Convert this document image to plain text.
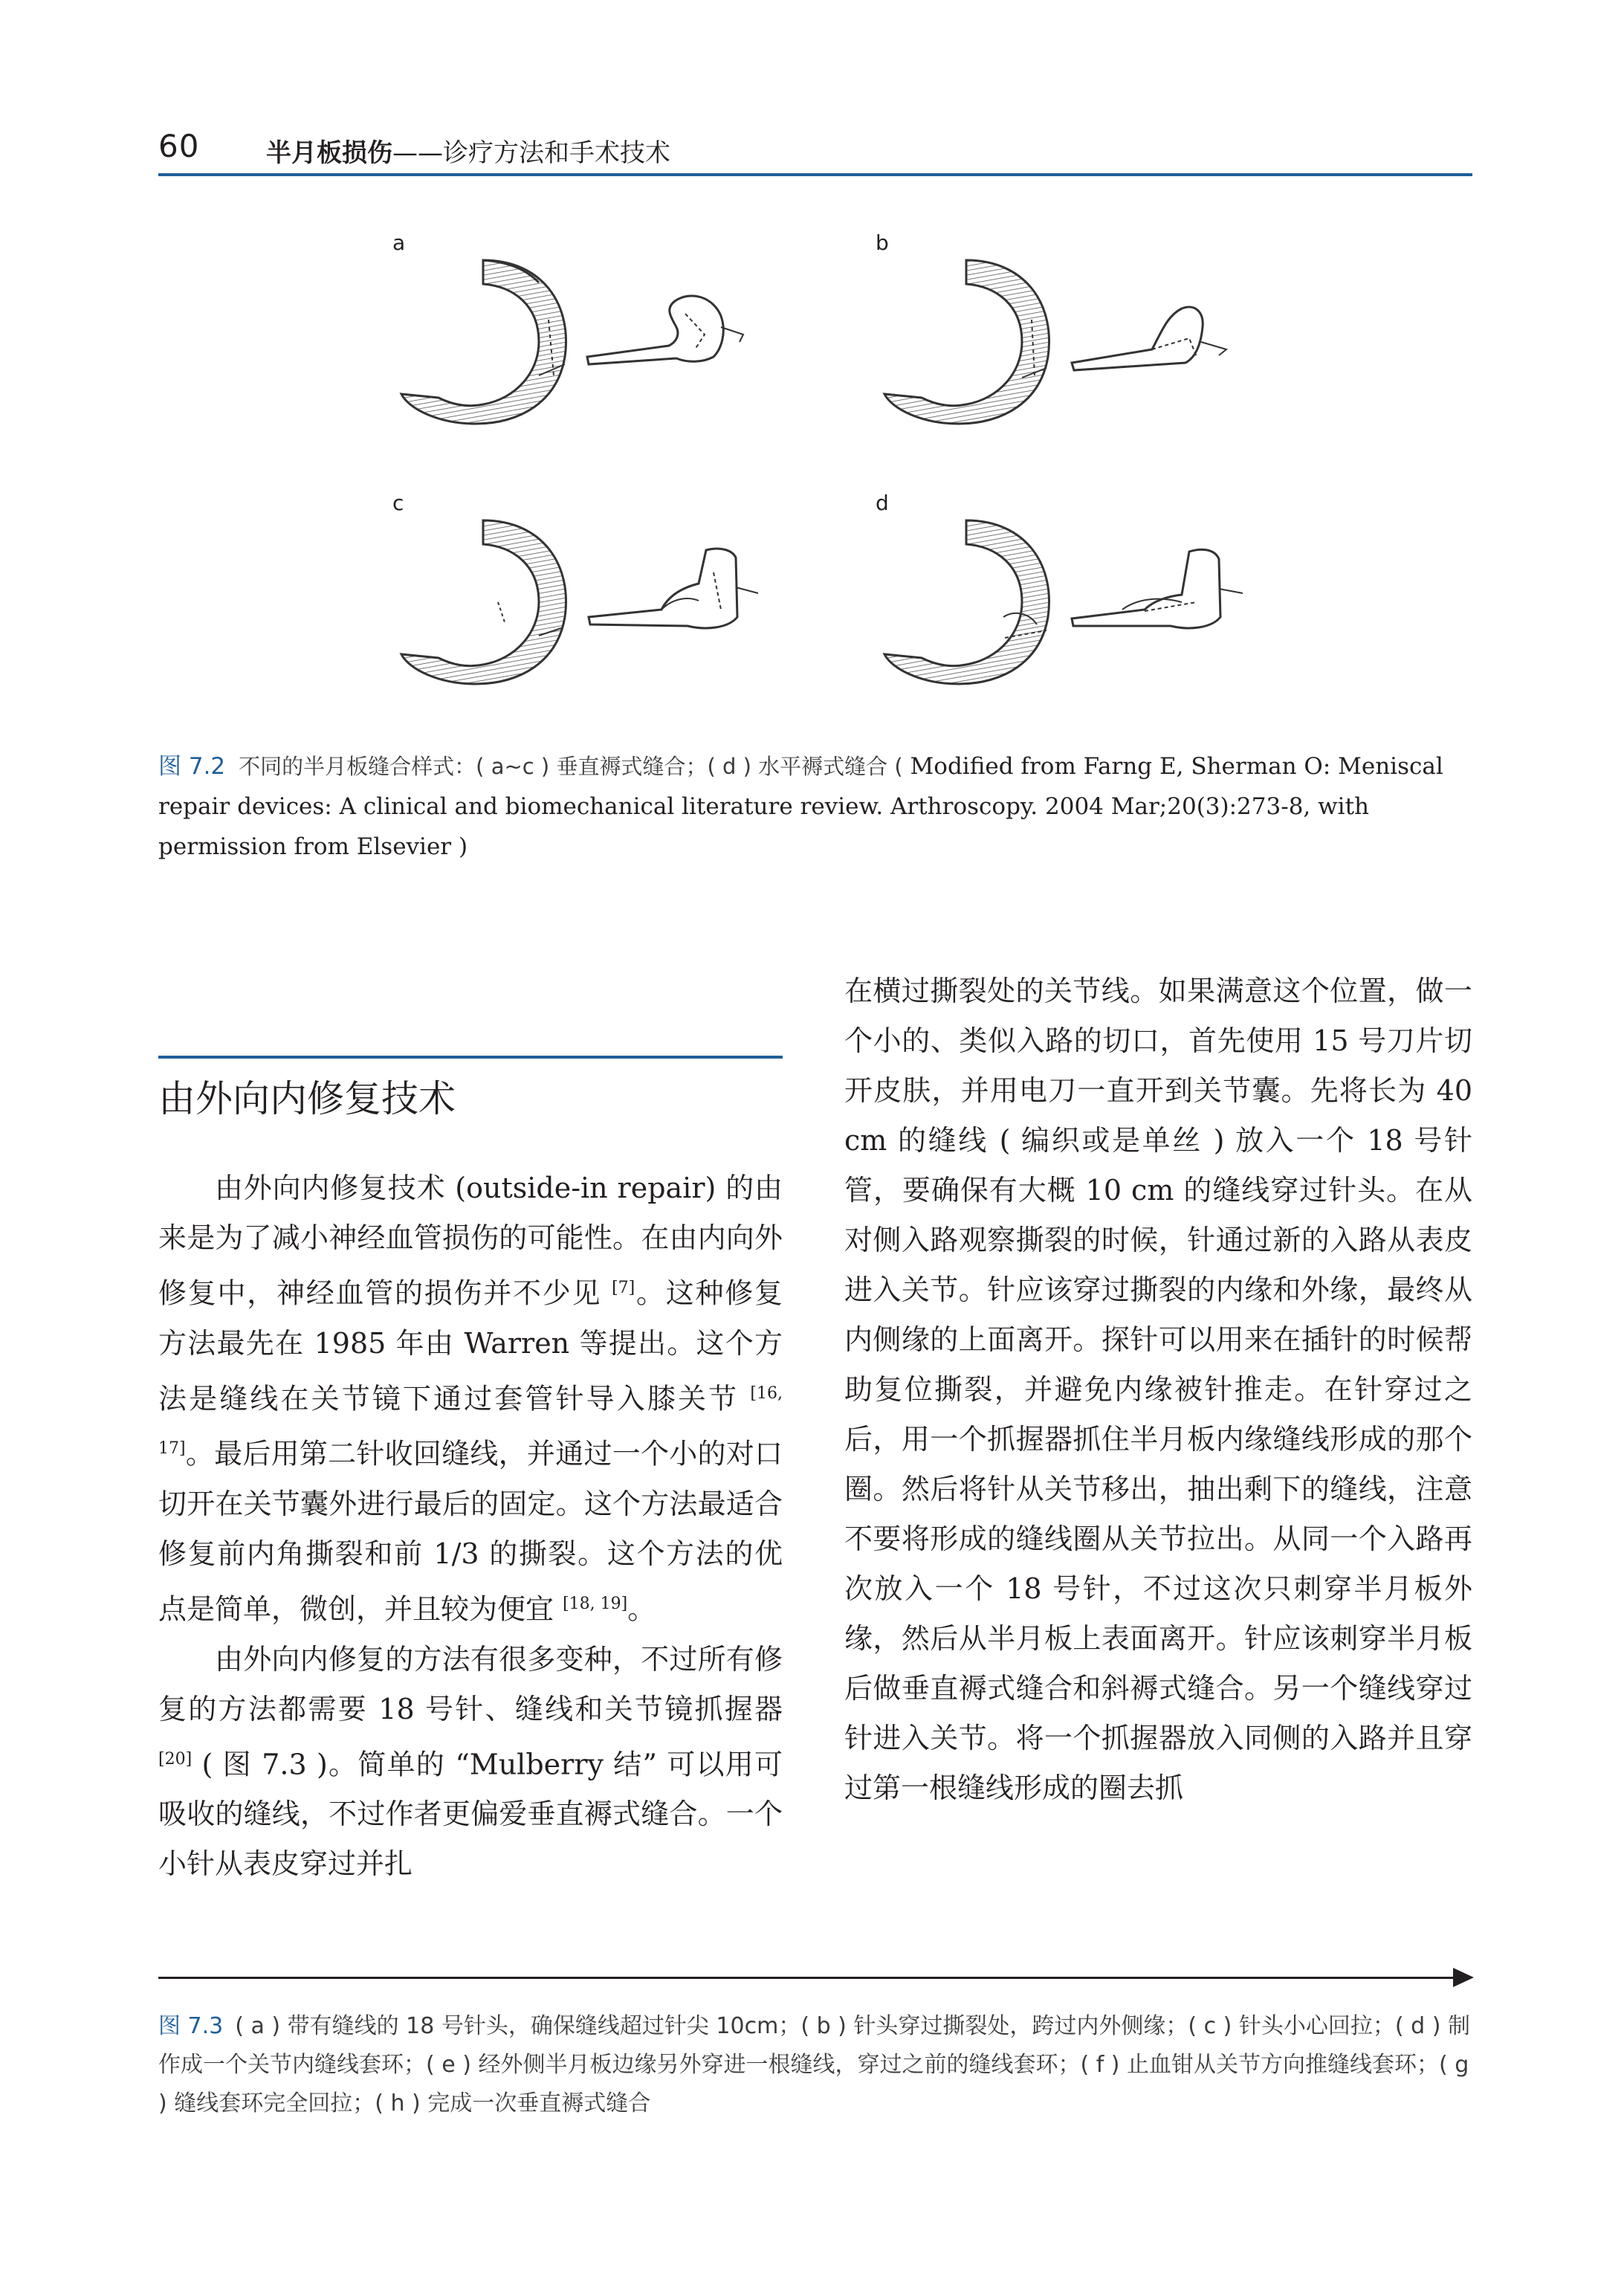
60	半月板损伤——诊疗方法和手术技术
a	b
c	d
图 7.2 不同的半月板缝合样式：( a~c ) 垂直褥式缝合；( d ) 水平褥式缝合 ( Modified from Farng E, Sherman O: Meniscal repair devices: A clinical and biomechanical literature review. Arthroscopy. 2004 Mar;20(3):273-8, with permission from Elsevier )
由外向内修复技术

由外向内修复技术 (outside-in repair) 的由来是为了减小神经血管损伤的可能性。在由内向外修复中，神经血管的损伤并不少见 [7]。这种修复方法最先在 1985 年由 Warren 等提出。这个方法是缝线在关节镜下通过套管针导入膝关节 [16, 17]。最后用第二针收回缝线，并通过一个小的对口切开在关节囊外进行最后的固定。这个方法最适合修复前内角撕裂和前 1/3 的撕裂。这个方法的优点是简单，微创，并且较为便宜 [18, 19]。

由外向内修复的方法有很多变种，不过所有修复的方法都需要 18 号针、缝线和关节镜抓握器 [20] ( 图 7.3 )。简单的 “Mulberry 结” 可以用可吸收的缝线，不过作者更偏爱垂直褥式缝合。一个小针从表皮穿过并扎

在横过撕裂处的关节线。如果满意这个位置，做一个小的、类似入路的切口，首先使用 15 号刀片切开皮肤，并用电刀一直开到关节囊。先将长为 40 cm 的缝线 ( 编织或是单丝 ) 放入一个 18 号针管，要确保有大概 10 cm 的缝线穿过针头。在从对侧入路观察撕裂的时候，针通过新的入路从表皮进入关节。针应该穿过撕裂的内缘和外缘，最终从内侧缘的上面离开。探针可以用来在插针的时候帮助复位撕裂，并避免内缘被针推走。在针穿过之后，用一个抓握器抓住半月板内缘缝线形成的那个圈。然后将针从关节移出，抽出剩下的缝线，注意不要将形成的缝线圈从关节拉出。从同一个入路再次放入一个 18 号针，不过这次只刺穿半月板外缘，然后从半月板上表面离开。针应该刺穿半月板后做垂直褥式缝合和斜褥式缝合。另一个缝线穿过针进入关节。将一个抓握器放入同侧的入路并且穿过第一根缝线形成的圈去抓

图 7.3 ( a ) 带有缝线的 18 号针头，确保缝线超过针尖 10cm；( b ) 针头穿过撕裂处，跨过内外侧缘；( c ) 针头小心回拉；( d ) 制作成一个关节内缝线套环；( e ) 经外侧半月板边缘另外穿进一根缝线，穿过之前的缝线套环；( f ) 止血钳从关节方向推缝线套环；( g ) 缝线套环完全回拉；( h ) 完成一次垂直褥式缝合
